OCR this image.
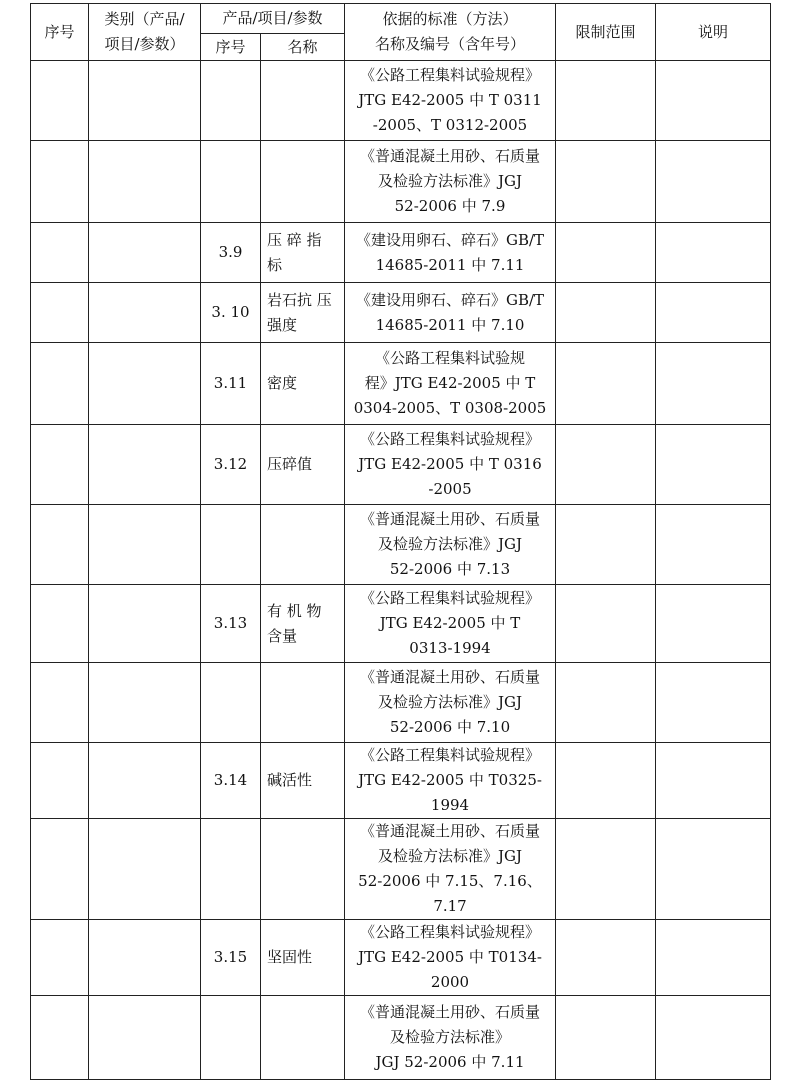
序号	类别（产品/
项目/参数）	产品/项目/参数		依据的标准（方法）
名称及编号（含年号）	限制范围	说明
		序号	名称			

				《公路工程集料试验规程》
JTG E42-2005 中 T 0311
-2005、T 0312-2005		

				《普通混凝土用砂、石质量
及检验方法标准》JGJ
52-2006 中 7.9		

		3.9	压 碎 指 标	《建设用卵石、碎石》GB/T
14685-2011 中 7.11		

		3. 10	岩石抗 压强度	《建设用卵石、碎石》GB/T
14685-2011 中 7.10		

		3.11	密度	《公路工程集料试验规
程》JTG E42-2005 中 T
0304-2005、T 0308-2005		

		3.12	压碎值	《公路工程集料试验规程》
JTG E42-2005 中 T 0316
-2005		

				《普通混凝土用砂、石质量
及检验方法标准》JGJ
52-2006 中 7.13		

		3.13	有 机 物 含量	《公路工程集料试验规程》
JTG E42-2005 中 T
0313-1994		

				《普通混凝土用砂、石质量
及检验方法标准》JGJ
52-2006 中 7.10		

		3.14	碱活性	《公路工程集料试验规程》
JTG E42-2005 中 T0325-1994		

				《普通混凝土用砂、石质量
及检验方法标准》JGJ
52-2006 中 7.15、7.16、7.17		

		3.15	坚固性	《公路工程集料试验规程》
JTG E42-2005 中 T0134-2000		

				《普通混凝土用砂、石质量
及检验方法标准》
JGJ 52-2006 中 7.11		
